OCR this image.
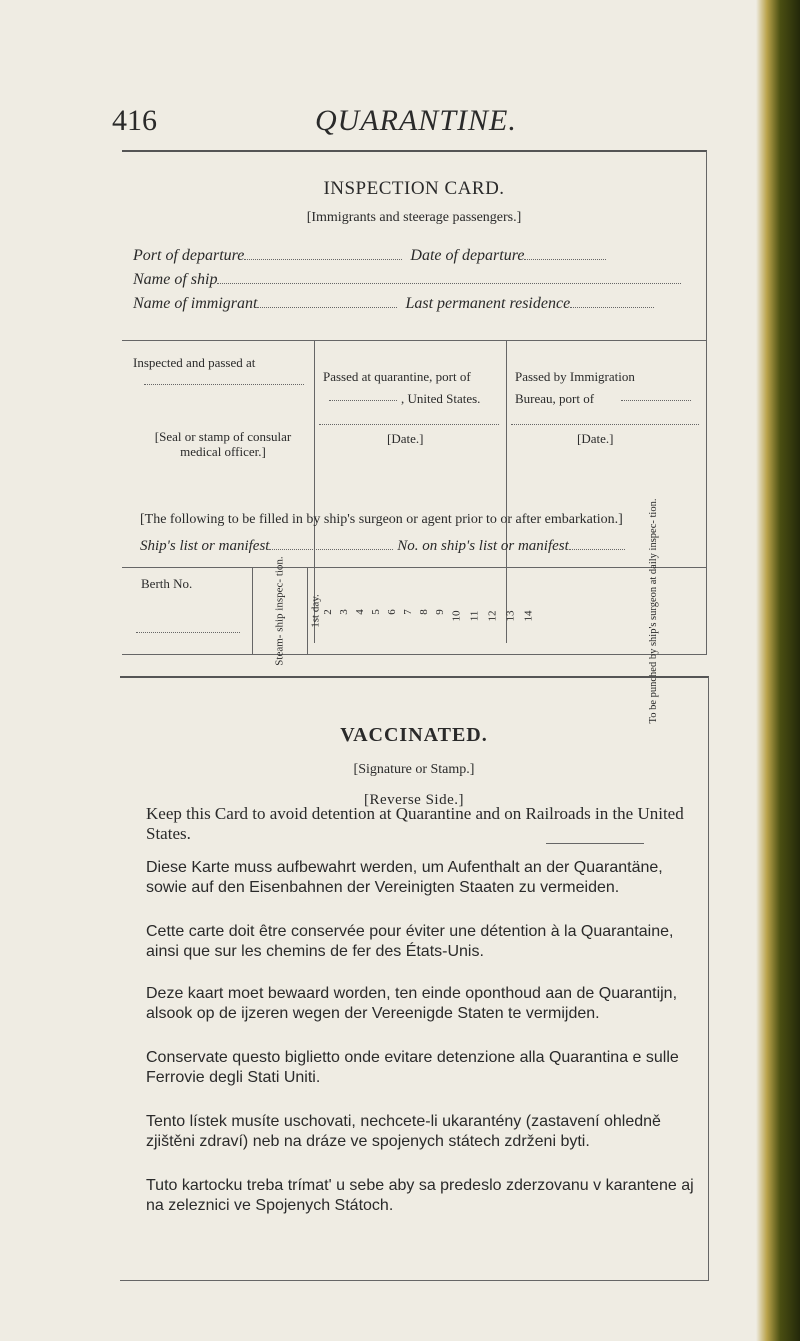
416	QUARANTINE.
INSPECTION CARD.
[Immigrants and steerage passengers.]
Port of departure	Date of departure
Name of ship
Name of immigrant	Last permanent residence
Inspected and passed at
[Seal or stamp of consular medical officer.]
Passed at quarantine, port of
, United States.
[Date.]
Passed by Immigration
Bureau, port of
[Date.]
[The following to be filled in by ship's surgeon or agent prior to or after embarkation.]
Ship's list or manifest	No. on ship's list or manifest
Berth No.	Steam- ship inspec- tion. 1st day. 2 3 4 5 6 7 8 9 10 11 12 13 14	To be punched by ship's surgeon at daily inspec- tion.
VACCINATED.
[Signature or Stamp.]
[Reverse Side.]
Keep this Card to avoid detention at Quarantine and on Railroads in the United States.
Diese Karte muss aufbewahrt werden, um Aufenthalt an der Quarantäne, sowie auf den Eisenbahnen der Vereinigten Staaten zu vermeiden.
Cette carte doit être conservée pour éviter une détention à la Quarantaine, ainsi que sur les chemins de fer des États-Unis.
Deze kaart moet bewaard worden, ten einde oponthoud aan de Quarantijn, alsook op de ijzeren wegen der Vereenigde Staten te vermijden.
Conservate questo biglietto onde evitare detenzione alla Quarantina e sulle Ferrovie degli Stati Uniti.
Tento lístek musíte uschovati, nechcete-li ukarantény (zastavení ohledně zjištěni zdraví) neb na dráze ve spojenych státech zdrženi byti.
Tuto kartocku treba trímat' u sebe aby sa predeslo zderzovanu v karantene aj na zeleznici ve Spojenych Státoch.
